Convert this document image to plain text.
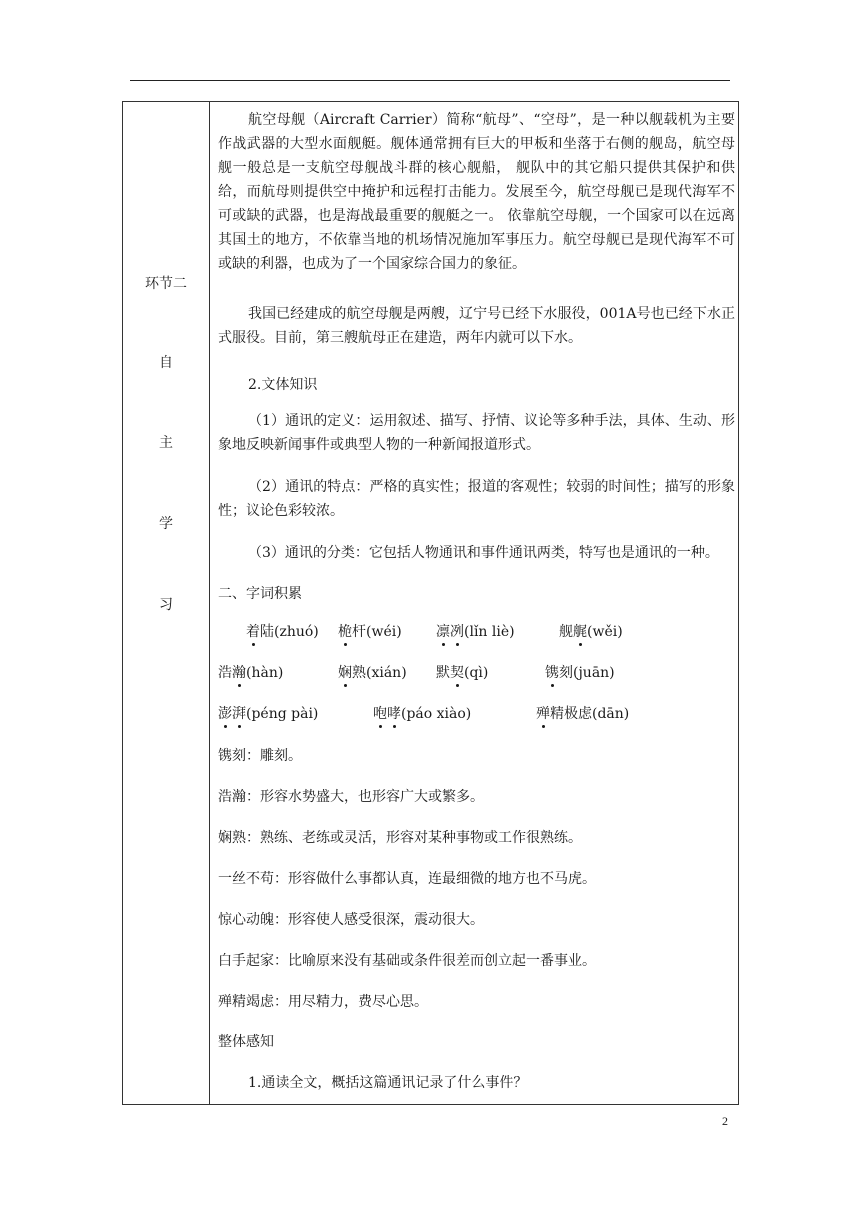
环节二
自
主
学
习
航空母舰（Aircraft Carrier）简称“航母”、“空母”，是一种以舰载机为主要作战武器的大型水面舰艇。舰体通常拥有巨大的甲板和坐落于右侧的舰岛，航空母舰一般总是一支航空母舰战斗群的核心舰船， 舰队中的其它船只提供其保护和供给，而航母则提供空中掩护和远程打击能力。发展至今，航空母舰已是现代海军不可或缺的武器，也是海战最重要的舰艇之一。 依靠航空母舰，一个国家可以在远离其国土的地方，不依靠当地的机场情况施加军事压力。航空母舰已是现代海军不可或缺的利器，也成为了一个国家综合国力的象征。
我国已经建成的航空母舰是两艘，辽宁号已经下水服役，001A号也已经下水正式服役。目前，第三艘航母正在建造，两年内就可以下水。
2.文体知识
（1）通讯的定义：运用叙述、描写、抒情、议论等多种手法，具体、生动、形象地反映新闻事件或典型人物的一种新闻报道形式。
（2）通讯的特点：严格的真实性；报道的客观性；较弱的时间性；描写的形象性；议论色彩较浓。
（3）通讯的分类：它包括人物通讯和事件通讯两类，特写也是通讯的一种。
二、字词积累
着陆(zhuó) 桅杆(wéi) 凛冽(lǐn liè)	舰艉(wěi)
浩瀚(hàn)	娴熟(xián) 默契(qì)	镌刻(juān)
澎湃(péng pài)	咆哮(páo xiào)	殚精极虑(dān)
镌刻：雕刻。
浩瀚：形容水势盛大，也形容广大或繁多。
娴熟：熟练、老练或灵活，形容对某种事物或工作很熟练。
一丝不苟：形容做什么事都认真，连最细微的地方也不马虎。
惊心动魄：形容使人感受很深，震动很大。
白手起家：比喻原来没有基础或条件很差而创立起一番事业。
殚精竭虑：用尽精力，费尽心思。
整体感知
1.通读全文，概括这篇通讯记录了什么事件？
2
